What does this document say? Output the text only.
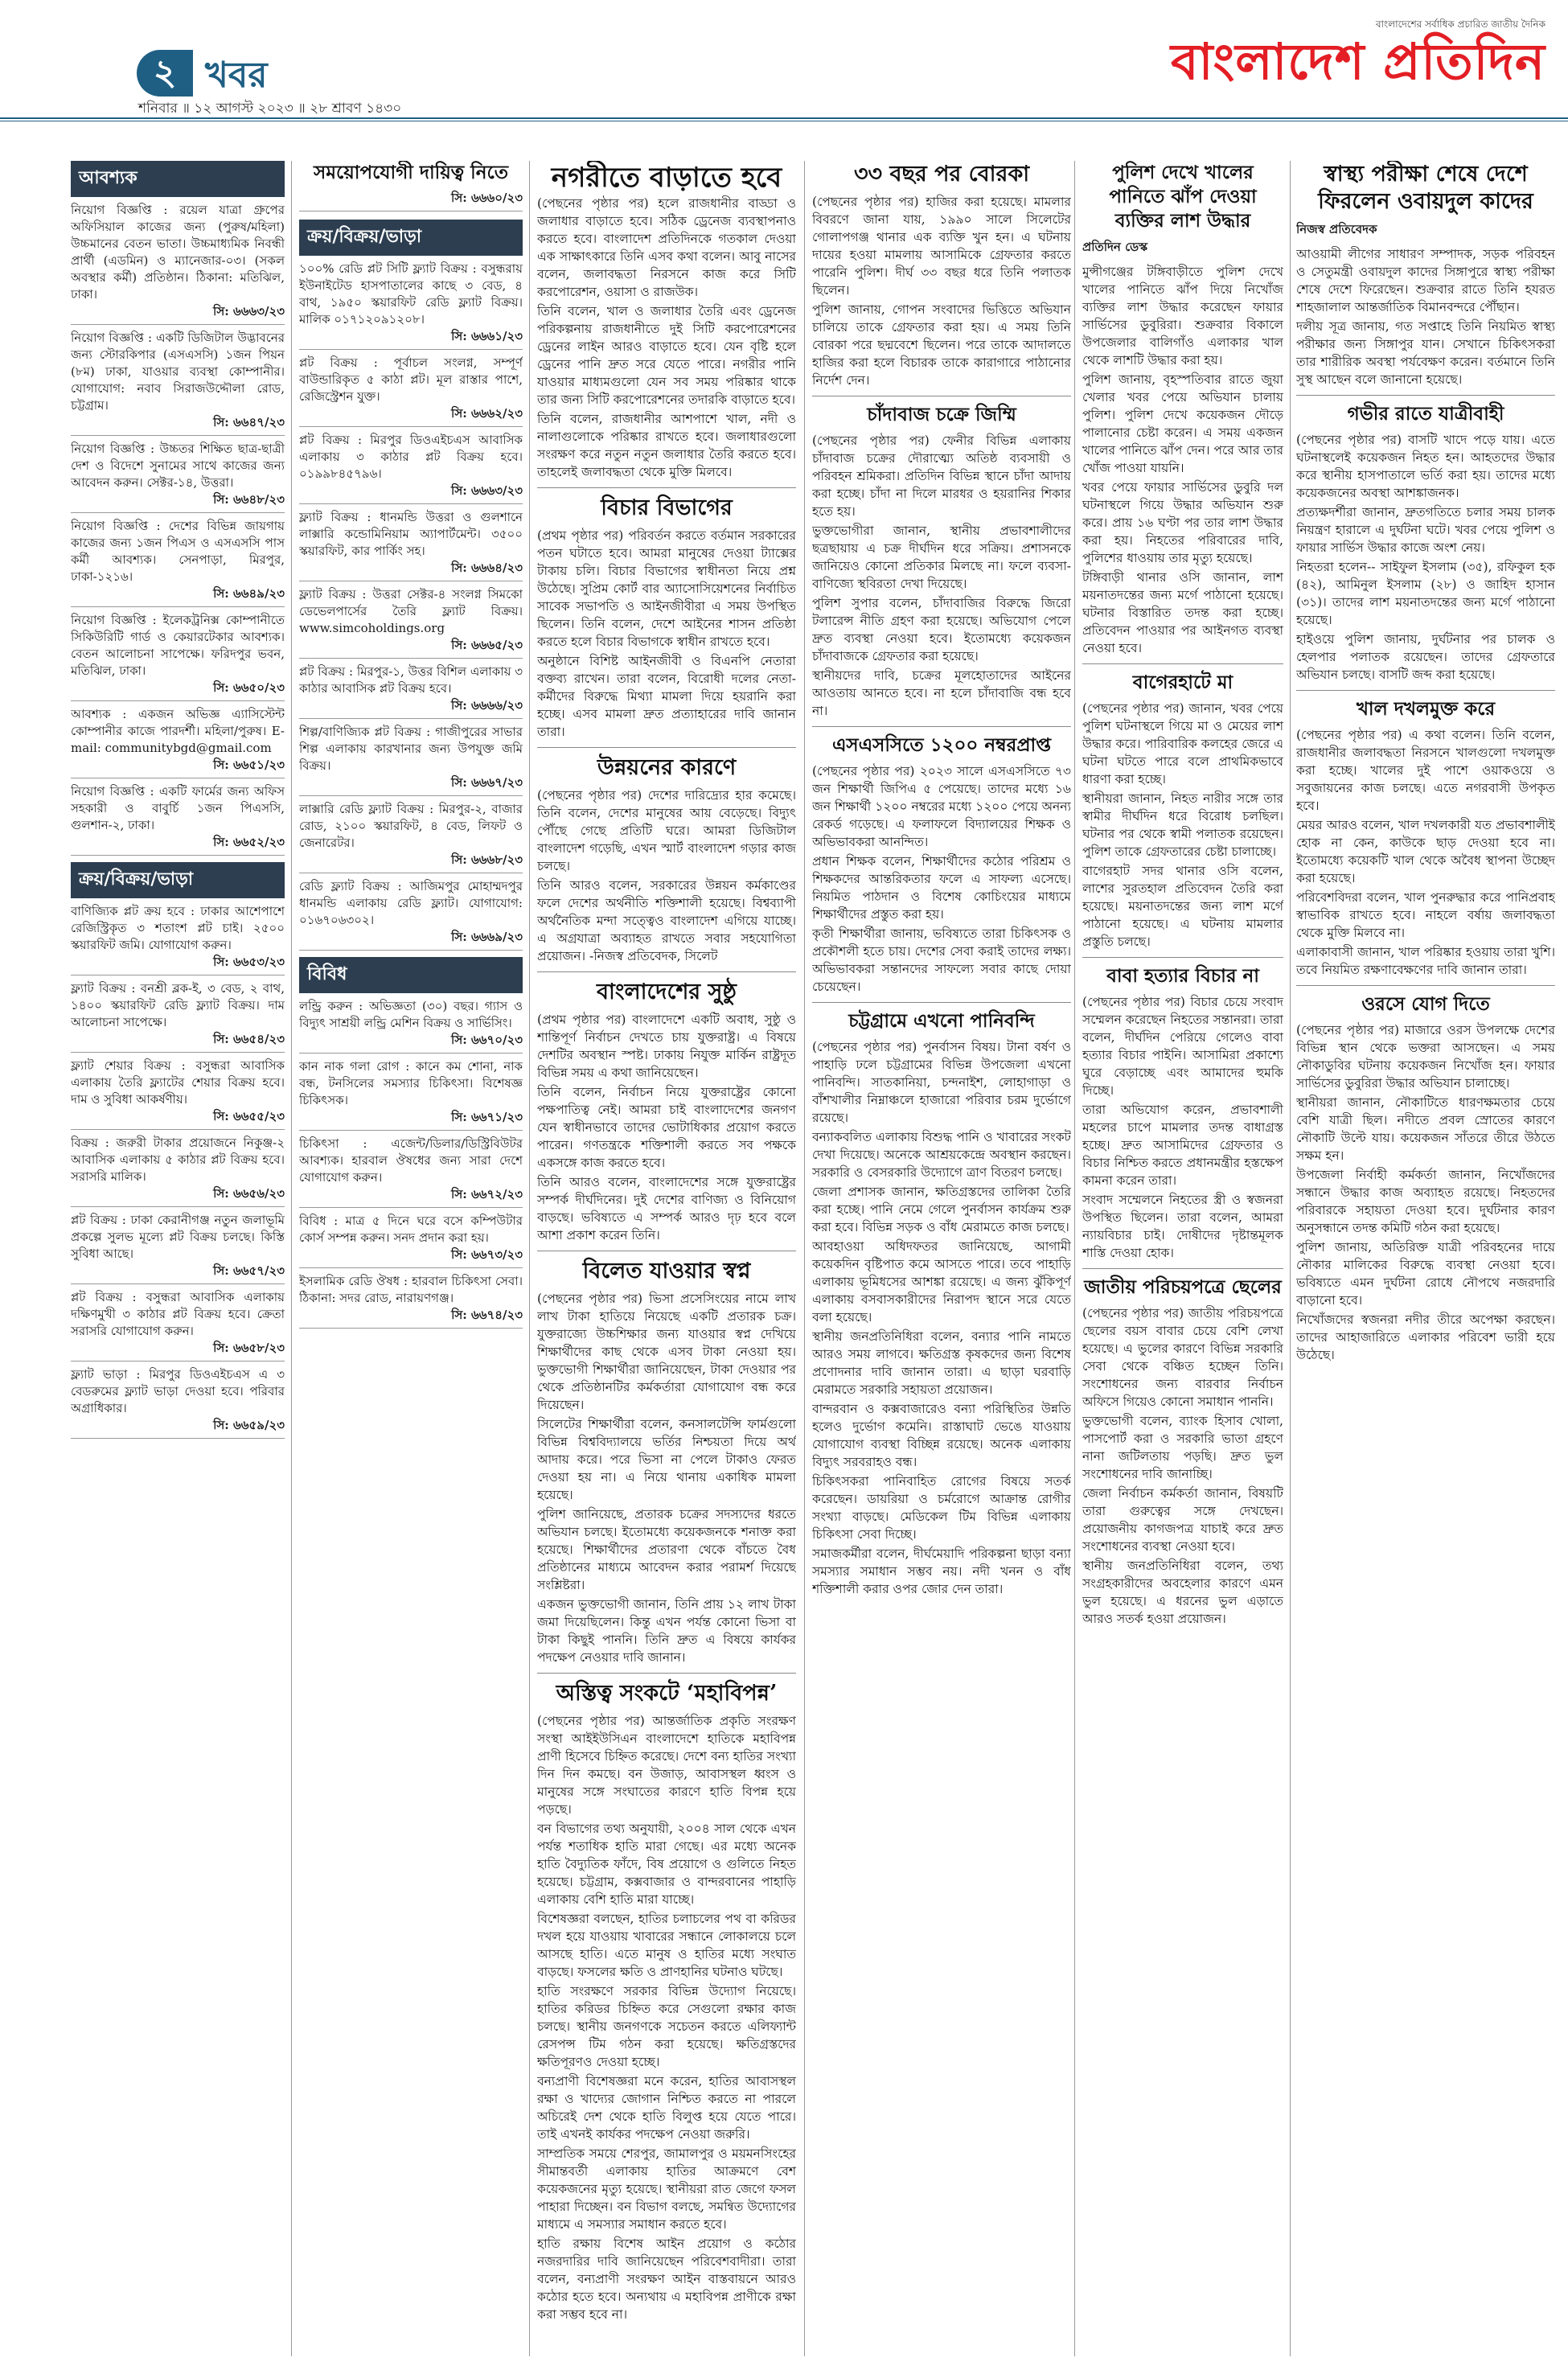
২ খবর
শনিবার ॥ ১২ আগস্ট ২০২৩ ॥ ২৮ শ্রাবণ ১৪৩০
বাংলাদেশের সর্বাধিক প্রচারিত জাতীয় দৈনিক
বাংলাদেশ প্রতিদিন
আবশ্যক
নিয়োগ বিজ্ঞপ্তি : রয়েল যাত্রা গ্রুপের অফিসিয়াল কাজের জন্য (পুরুষ/মহিলা) উচ্চমানের বেতন ভাতা। উচ্চমাধ্যমিক নিবন্ধী প্রার্থী (এডমিন) ও ম্যানেজার-০৩। (সকল অবস্থার কর্মী) প্রতিষ্ঠান। ঠিকানা: মতিঝিল, ঢাকা।
সি: ৬৬৬৩/২৩
নিয়োগ বিজ্ঞপ্তি : একটি ডিজিটাল উদ্ভাবনের জন্য স্টোরকিপার (এসএসসি) ১জন পিয়ন (৮ম) ঢাকা, যাওয়ার ব্যবস্থা কোম্পানীর। যোগাযোগ: নবাব সিরাজউদ্দৌলা রোড, চট্টগ্রাম।
সি: ৬৬৪৭/২৩
নিয়োগ বিজ্ঞপ্তি : উচ্চতর শিক্ষিত ছাত্র-ছাত্রী দেশ ও বিদেশে সুনামের সাথে কাজের জন্য আবেদন করুন। সেক্টর-১৪, উত্তরা।
সি: ৬৬৪৮/২৩
নিয়োগ বিজ্ঞপ্তি : দেশের বিভিন্ন জায়গায় কাজের জন্য ১জন পিএস ও এসএসসি পাস কর্মী আবশ্যক। সেনপাড়া, মিরপুর, ঢাকা-১২১৬।
সি: ৬৬৪৯/২৩
নিয়োগ বিজ্ঞপ্তি : ইলেকট্রনিক্স কোম্পানীতে সিকিউরিটি গার্ড ও কেয়ারটেকার আবশ্যক। বেতন আলোচনা সাপেক্ষে। ফরিদপুর ভবন, মতিঝিল, ঢাকা।
সি: ৬৬৫০/২৩
আবশ্যক : একজন অভিজ্ঞ এ্যাসিস্টেন্ট কোম্পানীর কাজে পারদর্শী। মহিলা/পুরুষ। E-mail: communitybgd@gmail.com
সি: ৬৬৫১/২৩
নিয়োগ বিজ্ঞপ্তি : একটি ফার্মের জন্য অফিস সহকারী ও বাবুর্চি ১জন পিএসসি, গুলশান-২, ঢাকা।
সি: ৬৬৫২/২৩
ক্রয়/বিক্রয়/ভাড়া
বাণিজ্যিক প্লট ক্রয় হবে : ঢাকার আশেপাশে রেজিস্ট্রিকৃত ৩ শতাংশ প্লট চাই। ২৫০০ স্কয়ারফিট জমি। যোগাযোগ করুন।
সি: ৬৬৫৩/২৩
ফ্ল্যাট বিক্রয় : বনশ্রী ব্লক-ই, ৩ বেড, ২ বাথ, ১৪০০ স্কয়ারফিট রেডি ফ্ল্যাট বিক্রয়। দাম আলোচনা সাপেক্ষে।
সি: ৬৬৫৪/২৩
ফ্ল্যাট শেয়ার বিক্রয় : বসুন্ধরা আবাসিক এলাকায় তৈরি ফ্ল্যাটের শেয়ার বিক্রয় হবে। দাম ও সুবিধা আকর্ষণীয়।
সি: ৬৬৫৫/২৩
বিক্রয় : জরুরী টাকার প্রয়োজনে নিকুঞ্জ-২ আবাসিক এলাকায় ৫ কাঠার প্লট বিক্রয় হবে। সরাসরি মালিক।
সি: ৬৬৫৬/২৩
প্লট বিক্রয় : ঢাকা কেরানীগঞ্জ নতুন জলাভূমি প্রকল্পে সুলভ মূল্যে প্লট বিক্রয় চলছে। কিস্তি সুবিধা আছে।
সি: ৬৬৫৭/২৩
প্লট বিক্রয় : বসুন্ধরা আবাসিক এলাকায় দক্ষিণমুখী ৩ কাঠার প্লট বিক্রয় হবে। ক্রেতা সরাসরি যোগাযোগ করুন।
সি: ৬৬৫৮/২৩
ফ্ল্যাট ভাড়া : মিরপুর ডিওএইচএস এ ৩ বেডরুমের ফ্ল্যাট ভাড়া দেওয়া হবে। পরিবার অগ্রাধিকার।
সি: ৬৬৫৯/২৩
সময়োপযোগী দায়িত্ব নিতে
সি: ৬৬৬০/২৩
ক্রয়/বিক্রয়/ভাড়া
১০০% রেডি প্লট সিটি ফ্ল্যাট বিক্রয় : বসুন্ধরায় ইউনাইটেড হাসপাতালের কাছে ৩ বেড, ৪ বাথ, ১৯৫০ স্কয়ারফিট রেডি ফ্ল্যাট বিক্রয়। মালিক ০১৭১২০৯১২০৮।
সি: ৬৬৬১/২৩
প্লট বিক্রয় : পূর্বাচল সংলগ্ন, সম্পূর্ণ বাউন্ডারিকৃত ৫ কাঠা প্লট। মূল রাস্তার পাশে, রেজিস্ট্রেশন যুক্ত।
সি: ৬৬৬২/২৩
প্লট বিক্রয় : মিরপুর ডিওএইচএস আবাসিক এলাকায় ৩ কাঠার প্লট বিক্রয় হবে। ০১৯৯৮৪৫৭৯৬।
সি: ৬৬৬৩/২৩
ফ্ল্যাট বিক্রয় : ধানমন্ডি উত্তরা ও গুলশানে লাক্সারি কন্ডোমিনিয়াম অ্যাপার্টমেন্ট। ৩৫০০ স্কয়ারফিট, কার পার্কিং সহ।
সি: ৬৬৬৪/২৩
ফ্ল্যাট বিক্রয় : উত্তরা সেক্টর-৪ সংলগ্ন সিমকো ডেভেলপার্সের তৈরি ফ্ল্যাট বিক্রয়। www.simcoholdings.org
সি: ৬৬৬৫/২৩
প্লট বিক্রয় : মিরপুর-১, উত্তর বিশিল এলাকায় ৩ কাঠার আবাসিক প্লট বিক্রয় হবে।
সি: ৬৬৬৬/২৩
শিল্প/বাণিজ্যিক প্লট বিক্রয় : গাজীপুরের সাভার শিল্প এলাকায় কারখানার জন্য উপযুক্ত জমি বিক্রয়।
সি: ৬৬৬৭/২৩
লাক্সারি রেডি ফ্ল্যাট বিক্রয় : মিরপুর-২, বাজার রোড, ২১০০ স্কয়ারফিট, ৪ বেড, লিফট ও জেনারেটর।
সি: ৬৬৬৮/২৩
রেডি ফ্ল্যাট বিক্রয় : আজিমপুর মোহাম্মদপুর ধানমন্ডি এলাকায় রেডি ফ্ল্যাট। যোগাযোগ: ০১৬৭০৬৩০২।
সি: ৬৬৬৯/২৩
বিবিধ
লন্ড্রি করুন : অভিজ্ঞতা (৩০) বছর। গ্যাস ও বিদ্যুৎ সাশ্রয়ী লন্ড্রি মেশিন বিক্রয় ও সার্ভিসিং।
সি: ৬৬৭০/২৩
কান নাক গলা রোগ : কানে কম শোনা, নাক বন্ধ, টনসিলের সমস্যার চিকিৎসা। বিশেষজ্ঞ চিকিৎসক।
সি: ৬৬৭১/২৩
চিকিৎসা : এজেন্ট/ডিলার/ডিস্ট্রিবিউটর আবশ্যক। হারবাল ঔষধের জন্য সারা দেশে যোগাযোগ করুন।
সি: ৬৬৭২/২৩
বিবিধ : মাত্র ৫ দিনে ঘরে বসে কম্পিউটার কোর্স সম্পন্ন করুন। সনদ প্রদান করা হয়।
সি: ৬৬৭৩/২৩
ইসলামিক রেডি ঔষধ : হারবাল চিকিৎসা সেবা। ঠিকানা: সদর রোড, নারায়ণগঞ্জ।
সি: ৬৬৭৪/২৩
নগরীতে বাড়াতে হবে

(পেছনের পৃষ্ঠার পর) হলে রাজধানীর বাড্ডা ও জলাধার বাড়াতে হবে। সঠিক ড্রেনেজ ব্যবস্থাপনাও করতে হবে। বাংলাদেশ প্রতিদিনকে গতকাল দেওয়া এক সাক্ষাৎকারে তিনি এসব কথা বলেন। আবু নাসের বলেন, জলাবদ্ধতা নিরসনে কাজ করে সিটি করপোরেশন, ওয়াসা ও রাজউক।

তিনি বলেন, খাল ও জলাধার তৈরি এবং ড্রেনেজ পরিকল্পনায় রাজধানীতে দুই সিটি করপোরেশনের ড্রেনের লাইন আরও বাড়াতে হবে। যেন বৃষ্টি হলে ড্রেনের পানি দ্রুত সরে যেতে পারে। নগরীর পানি যাওয়ার মাধ্যমগুলো যেন সব সময় পরিষ্কার থাকে তার জন্য সিটি করপোরেশনের তদারকি বাড়াতে হবে।

তিনি বলেন, রাজধানীর আশপাশে খাল, নদী ও নালাগুলোকে পরিষ্কার রাখতে হবে। জলাধারগুলো সংরক্ষণ করে নতুন নতুন জলাধার তৈরি করতে হবে। তাহলেই জলাবদ্ধতা থেকে মুক্তি মিলবে।

বিচার বিভাগের

(প্রথম পৃষ্ঠার পর) পরিবর্তন করতে বর্তমান সরকারের পতন ঘটাতে হবে। আমরা মানুষের দেওয়া ট্যাক্সের টাকায় চলি। বিচার বিভাগের স্বাধীনতা নিয়ে প্রশ্ন উঠেছে। সুপ্রিম কোর্ট বার অ্যাসোসিয়েশনের নির্বাচিত সাবেক সভাপতি ও আইনজীবীরা এ সময় উপস্থিত ছিলেন। তিনি বলেন, দেশে আইনের শাসন প্রতিষ্ঠা করতে হলে বিচার বিভাগকে স্বাধীন রাখতে হবে।

অনুষ্ঠানে বিশিষ্ট আইনজীবী ও বিএনপি নেতারা বক্তব্য রাখেন। তারা বলেন, বিরোধী দলের নেতা-কর্মীদের বিরুদ্ধে মিথ্যা মামলা দিয়ে হয়রানি করা হচ্ছে। এসব মামলা দ্রুত প্রত্যাহারের দাবি জানান তারা।

উন্নয়নের কারণে

(পেছনের পৃষ্ঠার পর) দেশের দারিদ্র্যের হার কমেছে। তিনি বলেন, দেশের মানুষের আয় বেড়েছে। বিদ্যুৎ পৌঁছে গেছে প্রতিটি ঘরে। আমরা ডিজিটাল বাংলাদেশ গড়েছি, এখন স্মার্ট বাংলাদেশ গড়ার কাজ চলছে।

তিনি আরও বলেন, সরকারের উন্নয়ন কর্মকাণ্ডের ফলে দেশের অর্থনীতি শক্তিশালী হয়েছে। বিশ্বব্যাপী অর্থনৈতিক মন্দা সত্ত্বেও বাংলাদেশ এগিয়ে যাচ্ছে। এ অগ্রযাত্রা অব্যাহত রাখতে সবার সহযোগিতা প্রয়োজন। -নিজস্ব প্রতিবেদক, সিলেট

বাংলাদেশের সুষ্ঠু

(প্রথম পৃষ্ঠার পর) বাংলাদেশে একটি অবাধ, সুষ্ঠু ও শান্তিপূর্ণ নির্বাচন দেখতে চায় যুক্তরাষ্ট্র। এ বিষয়ে দেশটির অবস্থান স্পষ্ট। ঢাকায় নিযুক্ত মার্কিন রাষ্ট্রদূত বিভিন্ন সময় এ কথা জানিয়েছেন।

তিনি বলেন, নির্বাচন নিয়ে যুক্তরাষ্ট্রের কোনো পক্ষপাতিত্ব নেই। আমরা চাই বাংলাদেশের জনগণ যেন স্বাধীনভাবে তাদের ভোটাধিকার প্রয়োগ করতে পারেন। গণতন্ত্রকে শক্তিশালী করতে সব পক্ষকে একসঙ্গে কাজ করতে হবে।

তিনি আরও বলেন, বাংলাদেশের সঙ্গে যুক্তরাষ্ট্রের সম্পর্ক দীর্ঘদিনের। দুই দেশের বাণিজ্য ও বিনিয়োগ বাড়ছে। ভবিষ্যতে এ সম্পর্ক আরও দৃঢ় হবে বলে আশা প্রকাশ করেন তিনি।

বিলেত যাওয়ার স্বপ্ন

(পেছনের পৃষ্ঠার পর) ভিসা প্রসেসিংয়ের নামে লাখ লাখ টাকা হাতিয়ে নিয়েছে একটি প্রতারক চক্র। যুক্তরাজ্যে উচ্চশিক্ষার জন্য যাওয়ার স্বপ্ন দেখিয়ে শিক্ষার্থীদের কাছ থেকে এসব টাকা নেওয়া হয়। ভুক্তভোগী শিক্ষার্থীরা জানিয়েছেন, টাকা দেওয়ার পর থেকে প্রতিষ্ঠানটির কর্মকর্তারা যোগাযোগ বন্ধ করে দিয়েছেন।

সিলেটের শিক্ষার্থীরা বলেন, কনসালটেন্সি ফার্মগুলো বিভিন্ন বিশ্ববিদ্যালয়ে ভর্তির নিশ্চয়তা দিয়ে অর্থ আদায় করে। পরে ভিসা না পেলে টাকাও ফেরত দেওয়া হয় না। এ নিয়ে থানায় একাধিক মামলা হয়েছে।

পুলিশ জানিয়েছে, প্রতারক চক্রের সদস্যদের ধরতে অভিযান চলছে। ইতোমধ্যে কয়েকজনকে শনাক্ত করা হয়েছে। শিক্ষার্থীদের প্রতারণা থেকে বাঁচতে বৈধ প্রতিষ্ঠানের মাধ্যমে আবেদন করার পরামর্শ দিয়েছে সংশ্লিষ্টরা।

একজন ভুক্তভোগী জানান, তিনি প্রায় ১২ লাখ টাকা জমা দিয়েছিলেন। কিন্তু এখন পর্যন্ত কোনো ভিসা বা টাকা কিছুই পাননি। তিনি দ্রুত এ বিষয়ে কার্যকর পদক্ষেপ নেওয়ার দাবি জানান।

অস্তিত্ব সংকটে ‘মহাবিপন্ন’

(পেছনের পৃষ্ঠার পর) আন্তর্জাতিক প্রকৃতি সংরক্ষণ সংস্থা আইইউসিএন বাংলাদেশে হাতিকে মহাবিপন্ন প্রাণী হিসেবে চিহ্নিত করেছে। দেশে বন্য হাতির সংখ্যা দিন দিন কমছে। বন উজাড়, আবাসস্থল ধ্বংস ও মানুষের সঙ্গে সংঘাতের কারণে হাতি বিপন্ন হয়ে পড়ছে।

বন বিভাগের তথ্য অনুযায়ী, ২০০৪ সাল থেকে এখন পর্যন্ত শতাধিক হাতি মারা গেছে। এর মধ্যে অনেক হাতি বৈদ্যুতিক ফাঁদে, বিষ প্রয়োগে ও গুলিতে নিহত হয়েছে। চট্টগ্রাম, কক্সবাজার ও বান্দরবানের পাহাড়ি এলাকায় বেশি হাতি মারা যাচ্ছে।

বিশেষজ্ঞরা বলছেন, হাতির চলাচলের পথ বা করিডর দখল হয়ে যাওয়ায় খাবারের সন্ধানে লোকালয়ে চলে আসছে হাতি। এতে মানুষ ও হাতির মধ্যে সংঘাত বাড়ছে। ফসলের ক্ষতি ও প্রাণহানির ঘটনাও ঘটছে।

হাতি সংরক্ষণে সরকার বিভিন্ন উদ্যোগ নিয়েছে। হাতির করিডর চিহ্নিত করে সেগুলো রক্ষার কাজ চলছে। স্থানীয় জনগণকে সচেতন করতে এলিফ্যান্ট রেসপন্স টিম গঠন করা হয়েছে। ক্ষতিগ্রস্তদের ক্ষতিপূরণও দেওয়া হচ্ছে।

বন্যপ্রাণী বিশেষজ্ঞরা মনে করেন, হাতির আবাসস্থল রক্ষা ও খাদ্যের জোগান নিশ্চিত করতে না পারলে অচিরেই দেশ থেকে হাতি বিলুপ্ত হয়ে যেতে পারে। তাই এখনই কার্যকর পদক্ষেপ নেওয়া জরুরি।

সাম্প্রতিক সময়ে শেরপুর, জামালপুর ও ময়মনসিংহের সীমান্তবর্তী এলাকায় হাতির আক্রমণে বেশ কয়েকজনের মৃত্যু হয়েছে। স্থানীয়রা রাত জেগে ফসল পাহারা দিচ্ছেন। বন বিভাগ বলছে, সমন্বিত উদ্যোগের মাধ্যমে এ সমস্যার সমাধান করতে হবে।

হাতি রক্ষায় বিশেষ আইন প্রয়োগ ও কঠোর নজরদারির দাবি জানিয়েছেন পরিবেশবাদীরা। তারা বলেন, বন্যপ্রাণী সংরক্ষণ আইন বাস্তবায়নে আরও কঠোর হতে হবে। অন্যথায় এ মহাবিপন্ন প্রাণীকে রক্ষা করা সম্ভব হবে না।

পুলিশ দেখে খালের পানিতে ঝাঁপ দেওয়া ব্যক্তির লাশ উদ্ধার
প্রতিদিন ডেস্ক

মুন্সীগঞ্জের টঙ্গিবাড়ীতে পুলিশ দেখে খালের পানিতে ঝাঁপ দিয়ে নিখোঁজ ব্যক্তির লাশ উদ্ধার করেছেন ফায়ার সার্ভিসের ডুবুরিরা। শুক্রবার বিকালে উপজেলার বালিগাঁও এলাকার খাল থেকে লাশটি উদ্ধার করা হয়।

পুলিশ জানায়, বৃহস্পতিবার রাতে জুয়া খেলার খবর পেয়ে অভিযান চালায় পুলিশ। পুলিশ দেখে কয়েকজন দৌড়ে পালানোর চেষ্টা করেন। এ সময় একজন খালের পানিতে ঝাঁপ দেন। পরে আর তার খোঁজ পাওয়া যায়নি।

খবর পেয়ে ফায়ার সার্ভিসের ডুবুরি দল ঘটনাস্থলে গিয়ে উদ্ধার অভিযান শুরু করে। প্রায় ১৬ ঘণ্টা পর তার লাশ উদ্ধার করা হয়। নিহতের পরিবারের দাবি, পুলিশের ধাওয়ায় তার মৃত্যু হয়েছে।

টঙ্গিবাড়ী থানার ওসি জানান, লাশ ময়নাতদন্তের জন্য মর্গে পাঠানো হয়েছে। ঘটনার বিস্তারিত তদন্ত করা হচ্ছে। প্রতিবেদন পাওয়ার পর আইনগত ব্যবস্থা নেওয়া হবে।

বাগেরহাটে মা

(পেছনের পৃষ্ঠার পর) জানান, খবর পেয়ে পুলিশ ঘটনাস্থলে গিয়ে মা ও মেয়ের লাশ উদ্ধার করে। পারিবারিক কলহের জেরে এ ঘটনা ঘটতে পারে বলে প্রাথমিকভাবে ধারণা করা হচ্ছে।

স্থানীয়রা জানান, নিহত নারীর সঙ্গে তার স্বামীর দীর্ঘদিন ধরে বিরোধ চলছিল। ঘটনার পর থেকে স্বামী পলাতক রয়েছেন। পুলিশ তাকে গ্রেফতারের চেষ্টা চালাচ্ছে।

বাগেরহাট সদর থানার ওসি বলেন, লাশের সুরতহাল প্রতিবেদন তৈরি করা হয়েছে। ময়নাতদন্তের জন্য লাশ মর্গে পাঠানো হয়েছে। এ ঘটনায় মামলার প্রস্তুতি চলছে।

বাবা হত্যার বিচার না

(পেছনের পৃষ্ঠার পর) বিচার চেয়ে সংবাদ সম্মেলন করেছেন নিহতের সন্তানরা। তারা বলেন, দীর্ঘদিন পেরিয়ে গেলেও বাবা হত্যার বিচার পাইনি। আসামিরা প্রকাশ্যে ঘুরে বেড়াচ্ছে এবং আমাদের হুমকি দিচ্ছে।

তারা অভিযোগ করেন, প্রভাবশালী মহলের চাপে মামলার তদন্ত বাধাগ্রস্ত হচ্ছে। দ্রুত আসামিদের গ্রেফতার ও বিচার নিশ্চিত করতে প্রধানমন্ত্রীর হস্তক্ষেপ কামনা করেন তারা।

সংবাদ সম্মেলনে নিহতের স্ত্রী ও স্বজনরা উপস্থিত ছিলেন। তারা বলেন, আমরা ন্যায়বিচার চাই। দোষীদের দৃষ্টান্তমূলক শাস্তি দেওয়া হোক।

জাতীয় পরিচয়পত্রে ছেলের

(পেছনের পৃষ্ঠার পর) জাতীয় পরিচয়পত্রে ছেলের বয়স বাবার চেয়ে বেশি লেখা হয়েছে। এ ভুলের কারণে বিভিন্ন সরকারি সেবা থেকে বঞ্চিত হচ্ছেন তিনি। সংশোধনের জন্য বারবার নির্বাচন অফিসে গিয়েও কোনো সমাধান পাননি।

ভুক্তভোগী বলেন, ব্যাংক হিসাব খোলা, পাসপোর্ট করা ও সরকারি ভাতা গ্রহণে নানা জটিলতায় পড়ছি। দ্রুত ভুল সংশোধনের দাবি জানাচ্ছি।

জেলা নির্বাচন কর্মকর্তা জানান, বিষয়টি তারা গুরুত্বের সঙ্গে দেখছেন। প্রয়োজনীয় কাগজপত্র যাচাই করে দ্রুত সংশোধনের ব্যবস্থা নেওয়া হবে।

স্থানীয় জনপ্রতিনিধিরা বলেন, তথ্য সংগ্রহকারীদের অবহেলার কারণে এমন ভুল হয়েছে। এ ধরনের ভুল এড়াতে আরও সতর্ক হওয়া প্রয়োজন।

স্বাস্থ্য পরীক্ষা শেষে দেশে ফিরলেন ওবায়দুল কাদের
নিজস্ব প্রতিবেদক

আওয়ামী লীগের সাধারণ সম্পাদক, সড়ক পরিবহন ও সেতুমন্ত্রী ওবায়দুল কাদের সিঙ্গাপুরে স্বাস্থ্য পরীক্ষা শেষে দেশে ফিরেছেন। শুক্রবার রাতে তিনি হযরত শাহজালাল আন্তর্জাতিক বিমানবন্দরে পৌঁছান।

দলীয় সূত্র জানায়, গত সপ্তাহে তিনি নিয়মিত স্বাস্থ্য পরীক্ষার জন্য সিঙ্গাপুর যান। সেখানে চিকিৎসকরা তার শারীরিক অবস্থা পর্যবেক্ষণ করেন। বর্তমানে তিনি সুস্থ আছেন বলে জানানো হয়েছে।

গভীর রাতে যাত্রীবাহী

(পেছনের পৃষ্ঠার পর) বাসটি খাদে পড়ে যায়। এতে ঘটনাস্থলেই কয়েকজন নিহত হন। আহতদের উদ্ধার করে স্থানীয় হাসপাতালে ভর্তি করা হয়। তাদের মধ্যে কয়েকজনের অবস্থা আশঙ্কাজনক।

প্রত্যক্ষদর্শীরা জানান, দ্রুতগতিতে চলার সময় চালক নিয়ন্ত্রণ হারালে এ দুর্ঘটনা ঘটে। খবর পেয়ে পুলিশ ও ফায়ার সার্ভিস উদ্ধার কাজে অংশ নেয়।

নিহতরা হলেন-- সাইফুল ইসলাম (৩৫), রফিকুল হক (৪২), আমিনুল ইসলাম (২৮) ও জাহিদ হাসান (৩১)। তাদের লাশ ময়নাতদন্তের জন্য মর্গে পাঠানো হয়েছে।

হাইওয়ে পুলিশ জানায়, দুর্ঘটনার পর চালক ও হেলপার পলাতক রয়েছেন। তাদের গ্রেফতারে অভিযান চলছে। বাসটি জব্দ করা হয়েছে।

খাল দখলমুক্ত করে

(পেছনের পৃষ্ঠার পর) এ কথা বলেন। তিনি বলেন, রাজধানীর জলাবদ্ধতা নিরসনে খালগুলো দখলমুক্ত করা হচ্ছে। খালের দুই পাশে ওয়াকওয়ে ও সবুজায়নের কাজ চলছে। এতে নগরবাসী উপকৃত হবে।

মেয়র আরও বলেন, খাল দখলকারী যত প্রভাবশালীই হোক না কেন, কাউকে ছাড় দেওয়া হবে না। ইতোমধ্যে কয়েকটি খাল থেকে অবৈধ স্থাপনা উচ্ছেদ করা হয়েছে।

পরিবেশবিদরা বলেন, খাল পুনরুদ্ধার করে পানিপ্রবাহ স্বাভাবিক রাখতে হবে। নাহলে বর্ষায় জলাবদ্ধতা থেকে মুক্তি মিলবে না।

এলাকাবাসী জানান, খাল পরিষ্কার হওয়ায় তারা খুশি। তবে নিয়মিত রক্ষণাবেক্ষণের দাবি জানান তারা।

ওরসে যোগ দিতে

(পেছনের পৃষ্ঠার পর) মাজারে ওরস উপলক্ষে দেশের বিভিন্ন স্থান থেকে ভক্তরা আসছেন। এ সময় নৌকাডুবির ঘটনায় কয়েকজন নিখোঁজ হন। ফায়ার সার্ভিসের ডুবুরিরা উদ্ধার অভিযান চালাচ্ছে।

স্থানীয়রা জানান, নৌকাটিতে ধারণক্ষমতার চেয়ে বেশি যাত্রী ছিল। নদীতে প্রবল স্রোতের কারণে নৌকাটি উল্টে যায়। কয়েকজন সাঁতরে তীরে উঠতে সক্ষম হন।

উপজেলা নির্বাহী কর্মকর্তা জানান, নিখোঁজদের সন্ধানে উদ্ধার কাজ অব্যাহত রয়েছে। নিহতদের পরিবারকে সহায়তা দেওয়া হবে। দুর্ঘটনার কারণ অনুসন্ধানে তদন্ত কমিটি গঠন করা হয়েছে।

পুলিশ জানায়, অতিরিক্ত যাত্রী পরিবহনের দায়ে নৌকার মালিকের বিরুদ্ধে ব্যবস্থা নেওয়া হবে। ভবিষ্যতে এমন দুর্ঘটনা রোধে নৌপথে নজরদারি বাড়ানো হবে।

নিখোঁজদের স্বজনরা নদীর তীরে অপেক্ষা করছেন। তাদের আহাজারিতে এলাকার পরিবেশ ভারী হয়ে উঠেছে।

৩৩ বছর পর বোরকা

(পেছনের পৃষ্ঠার পর) হাজির করা হয়েছে। মামলার বিবরণে জানা যায়, ১৯৯০ সালে সিলেটের গোলাপগঞ্জ থানার এক ব্যক্তি খুন হন। এ ঘটনায় দায়ের হওয়া মামলায় আসামিকে গ্রেফতার করতে পারেনি পুলিশ। দীর্ঘ ৩৩ বছর ধরে তিনি পলাতক ছিলেন।

পুলিশ জানায়, গোপন সংবাদের ভিত্তিতে অভিযান চালিয়ে তাকে গ্রেফতার করা হয়। এ সময় তিনি বোরকা পরে ছদ্মবেশে ছিলেন। পরে তাকে আদালতে হাজির করা হলে বিচারক তাকে কারাগারে পাঠানোর নির্দেশ দেন।

চাঁদাবাজ চক্রে জিম্মি

(পেছনের পৃষ্ঠার পর) ফেনীর বিভিন্ন এলাকায় চাঁদাবাজ চক্রের দৌরাত্ম্যে অতিষ্ঠ ব্যবসায়ী ও পরিবহন শ্রমিকরা। প্রতিদিন বিভিন্ন স্থানে চাঁদা আদায় করা হচ্ছে। চাঁদা না দিলে মারধর ও হয়রানির শিকার হতে হয়।

ভুক্তভোগীরা জানান, স্থানীয় প্রভাবশালীদের ছত্রছায়ায় এ চক্র দীর্ঘদিন ধরে সক্রিয়। প্রশাসনকে জানিয়েও কোনো প্রতিকার মিলছে না। ফলে ব্যবসা-বাণিজ্যে স্থবিরতা দেখা দিয়েছে।

পুলিশ সুপার বলেন, চাঁদাবাজির বিরুদ্ধে জিরো টলারেন্স নীতি গ্রহণ করা হয়েছে। অভিযোগ পেলে দ্রুত ব্যবস্থা নেওয়া হবে। ইতোমধ্যে কয়েকজন চাঁদাবাজকে গ্রেফতার করা হয়েছে।

স্থানীয়দের দাবি, চক্রের মূলহোতাদের আইনের আওতায় আনতে হবে। না হলে চাঁদাবাজি বন্ধ হবে না।

এসএসসিতে ১২০০ নম্বরপ্রাপ্ত

(পেছনের পৃষ্ঠার পর) ২০২৩ সালে এসএসসিতে ৭৩ জন শিক্ষার্থী জিপিএ ৫ পেয়েছে। তাদের মধ্যে ১৬ জন শিক্ষার্থী ১২০০ নম্বরের মধ্যে ১২০০ পেয়ে অনন্য রেকর্ড গড়েছে। এ ফলাফলে বিদ্যালয়ের শিক্ষক ও অভিভাবকরা আনন্দিত।

প্রধান শিক্ষক বলেন, শিক্ষার্থীদের কঠোর পরিশ্রম ও শিক্ষকদের আন্তরিকতার ফলে এ সাফল্য এসেছে। নিয়মিত পাঠদান ও বিশেষ কোচিংয়ের মাধ্যমে শিক্ষার্থীদের প্রস্তুত করা হয়।

কৃতী শিক্ষার্থীরা জানায়, ভবিষ্যতে তারা চিকিৎসক ও প্রকৌশলী হতে চায়। দেশের সেবা করাই তাদের লক্ষ্য। অভিভাবকরা সন্তানদের সাফল্যে সবার কাছে দোয়া চেয়েছেন।

চট্টগ্রামে এখনো পানিবন্দি

(পেছনের পৃষ্ঠার পর) পুনর্বাসন বিষয়। টানা বর্ষণ ও পাহাড়ি ঢলে চট্টগ্রামের বিভিন্ন উপজেলা এখনো পানিবন্দি। সাতকানিয়া, চন্দনাইশ, লোহাগাড়া ও বাঁশখালীর নিম্নাঞ্চলে হাজারো পরিবার চরম দুর্ভোগে রয়েছে।

বন্যাকবলিত এলাকায় বিশুদ্ধ পানি ও খাবারের সংকট দেখা দিয়েছে। অনেকে আশ্রয়কেন্দ্রে অবস্থান করছেন। সরকারি ও বেসরকারি উদ্যোগে ত্রাণ বিতরণ চলছে।

জেলা প্রশাসক জানান, ক্ষতিগ্রস্তদের তালিকা তৈরি করা হচ্ছে। পানি নেমে গেলে পুনর্বাসন কার্যক্রম শুরু করা হবে। বিভিন্ন সড়ক ও বাঁধ মেরামতে কাজ চলছে।

আবহাওয়া অধিদফতর জানিয়েছে, আগামী কয়েকদিন বৃষ্টিপাত কমে আসতে পারে। তবে পাহাড়ি এলাকায় ভূমিধসের আশঙ্কা রয়েছে। এ জন্য ঝুঁকিপূর্ণ এলাকায় বসবাসকারীদের নিরাপদ স্থানে সরে যেতে বলা হয়েছে।

স্থানীয় জনপ্রতিনিধিরা বলেন, বন্যার পানি নামতে আরও সময় লাগবে। ক্ষতিগ্রস্ত কৃষকদের জন্য বিশেষ প্রণোদনার দাবি জানান তারা। এ ছাড়া ঘরবাড়ি মেরামতে সরকারি সহায়তা প্রয়োজন।

বান্দরবান ও কক্সবাজারেও বন্যা পরিস্থিতির উন্নতি হলেও দুর্ভোগ কমেনি। রাস্তাঘাট ভেঙে যাওয়ায় যোগাযোগ ব্যবস্থা বিচ্ছিন্ন রয়েছে। অনেক এলাকায় বিদ্যুৎ সরবরাহও বন্ধ।

চিকিৎসকরা পানিবাহিত রোগের বিষয়ে সতর্ক করেছেন। ডায়রিয়া ও চর্মরোগে আক্রান্ত রোগীর সংখ্যা বাড়ছে। মেডিকেল টিম বিভিন্ন এলাকায় চিকিৎসা সেবা দিচ্ছে।

সমাজকর্মীরা বলেন, দীর্ঘমেয়াদি পরিকল্পনা ছাড়া বন্যা সমস্যার সমাধান সম্ভব নয়। নদী খনন ও বাঁধ শক্তিশালী করার ওপর জোর দেন তারা।
